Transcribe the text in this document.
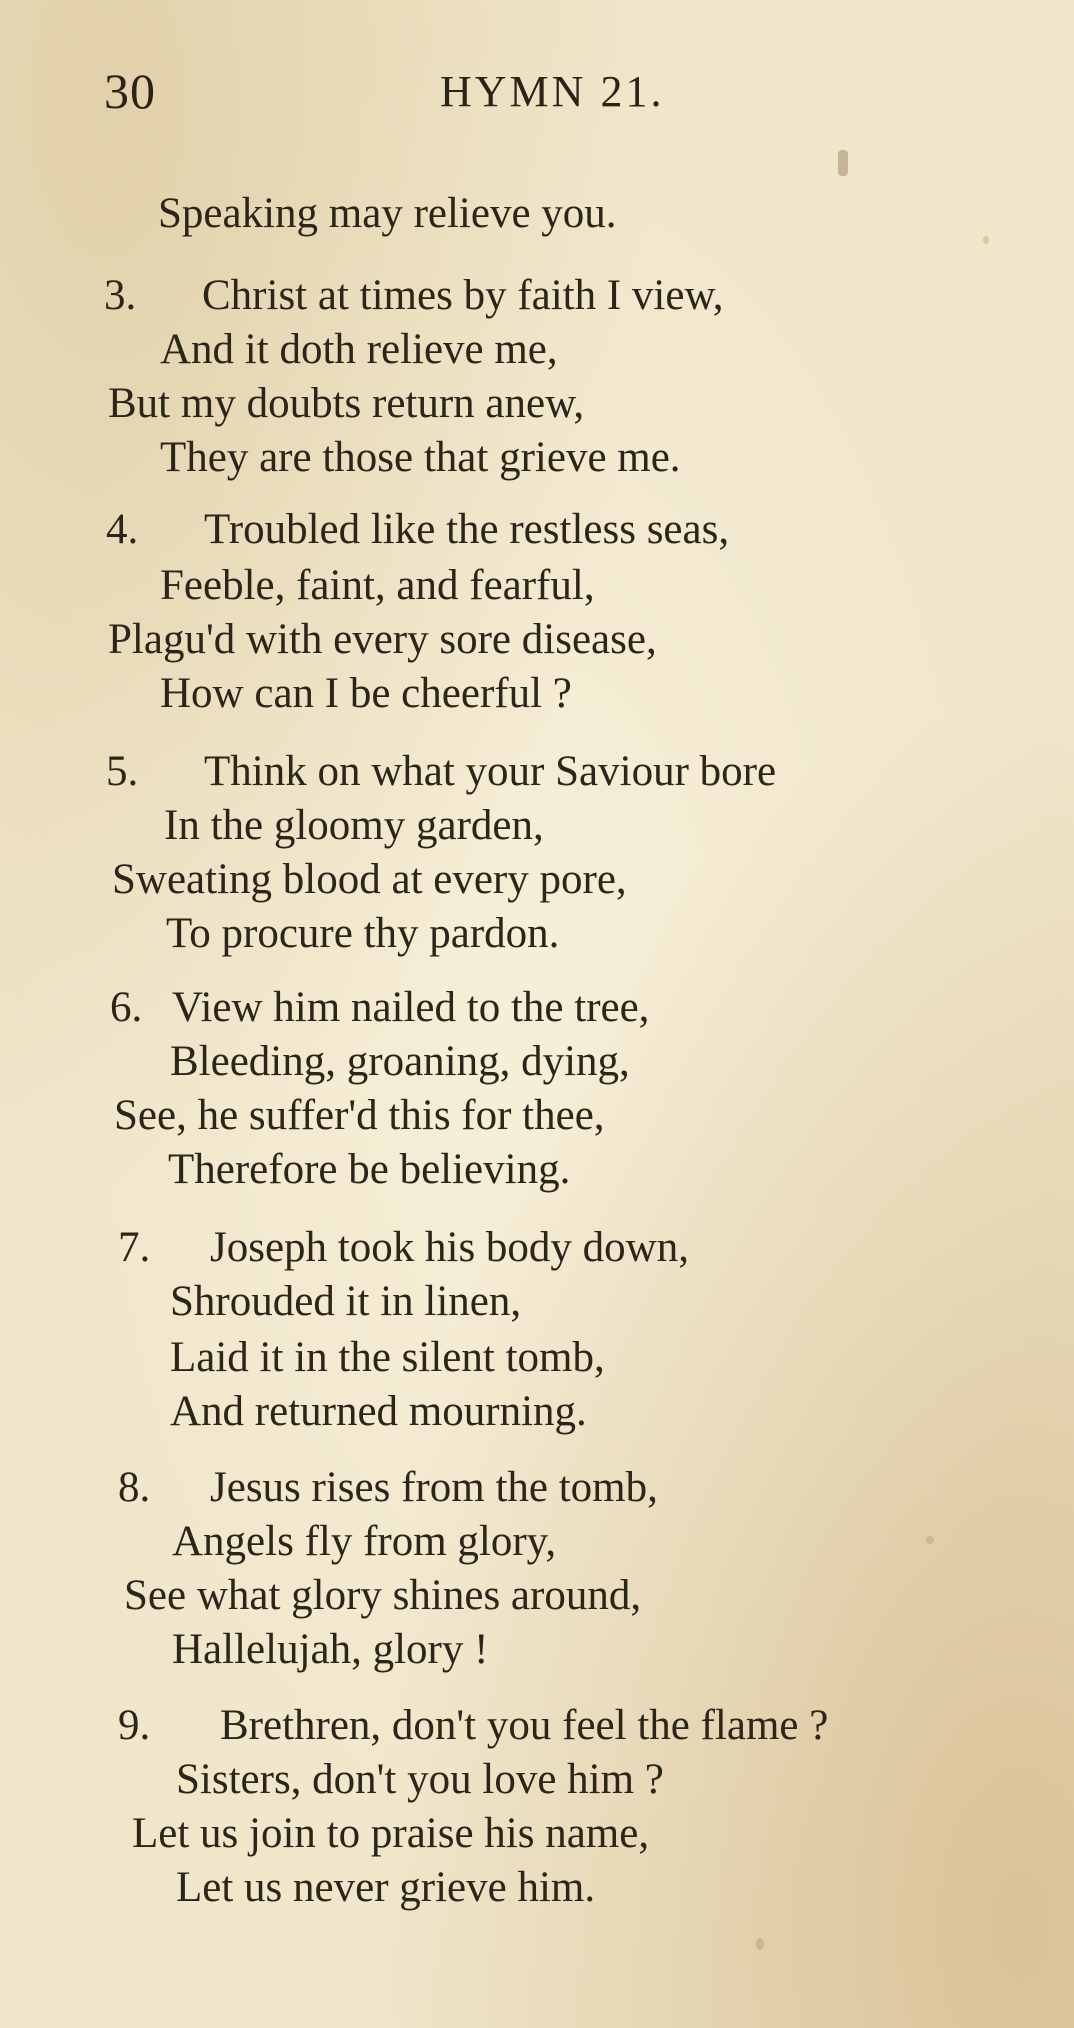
30	HYMN 21.
Speaking may relieve you.
3. Christ at times by faith I view,
And it doth relieve me,
But my doubts return anew,
They are those that grieve me.
4. Troubled like the restless seas,
Feeble, faint, and fearful,
Plagu'd with every sore disease,
How can I be cheerful ?
5. Think on what your Saviour bore
In the gloomy garden,
Sweating blood at every pore,
To procure thy pardon.
6. View him nailed to the tree,
Bleeding, groaning, dying,
See, he suffer'd this for thee,
Therefore be believing.
7. Joseph took his body down,
Shrouded it in linen,
Laid it in the silent tomb,
And returned mourning.
8. Jesus rises from the tomb,
Angels fly from glory,
See what glory shines around,
Hallelujah, glory !
9. Brethren, don't you feel the flame ?
Sisters, don't you love him ?
Let us join to praise his name,
Let us never grieve him.
